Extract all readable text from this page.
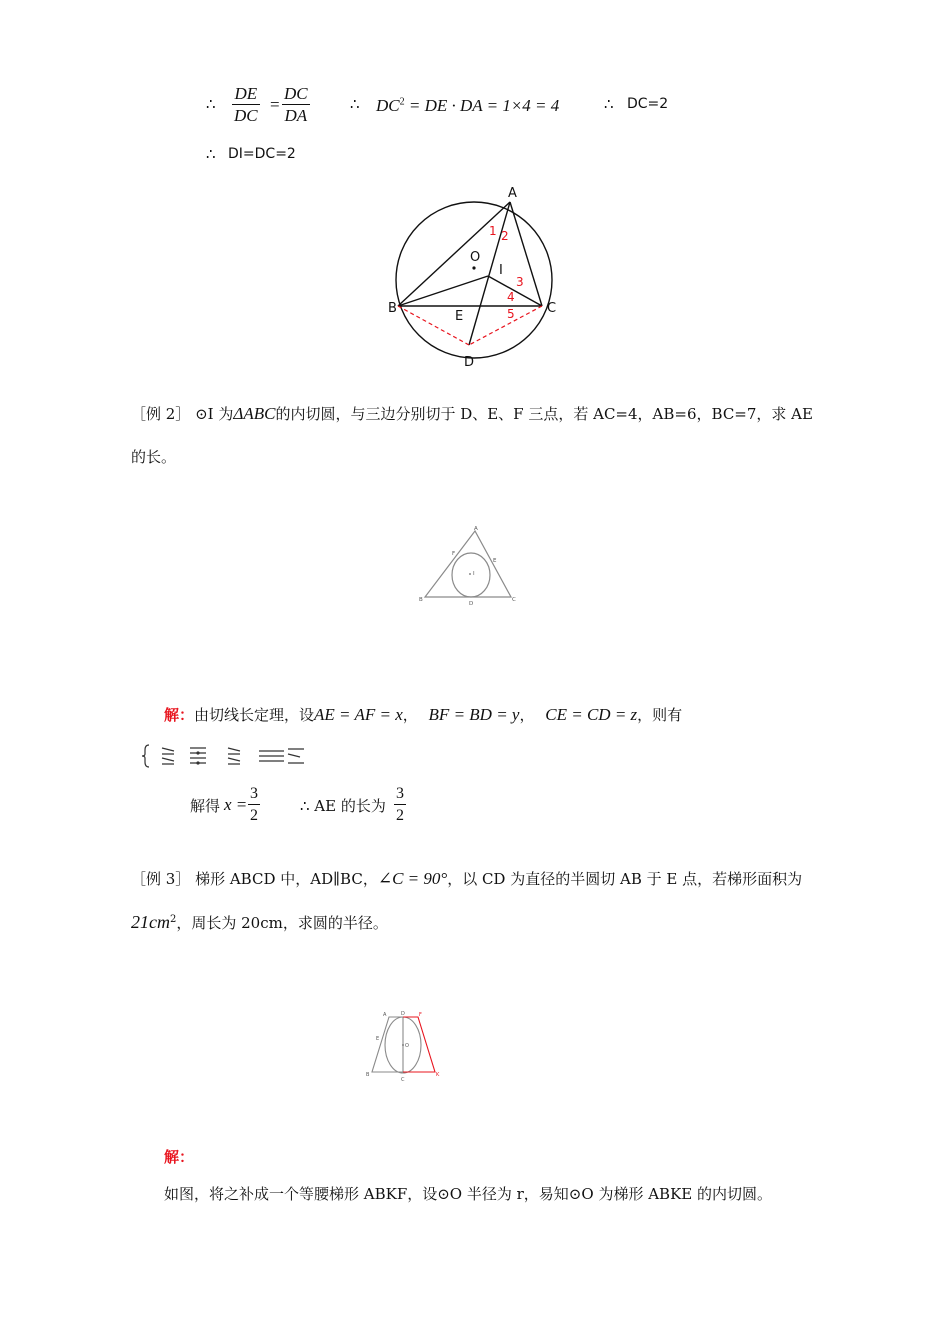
∴ $\frac{DE}{DC} = \frac{DC}{DA}$	∴ $DC^2$ = DE · DA = 1×4 = 4	∴ DC=2
∴ DI=DC=2
A
B	C
D
E
O
I
1 2
3
4
5
［例 2］ ⊙I 为ΔABC的内切圆，与三边分别切于 D、E、F 三点，若 AC=4，AB=6，BC=7，求 AE
的长。
A
B	C
D
E
F
I
解：由切线长定理，设AE = AF = x， BF = BD = y， CE = CD = z，则有
解得 $x = \frac{3}{2}$	∴ AE 的长为 $\frac{3}{2}$
［例 3］ 梯形 ABCD 中，AD∥BC，∠C = 90°，以 CD 为直径的半圆切 AB 于 E 点，若梯形面积为
$21cm^2$，周长为 20cm，求圆的半径。
A
B
C
D
E
F
K
O
解：
如图，将之补成一个等腰梯形 ABKF，设⊙O 半径为 r，易知⊙O 为梯形 ABKE 的内切圆。
